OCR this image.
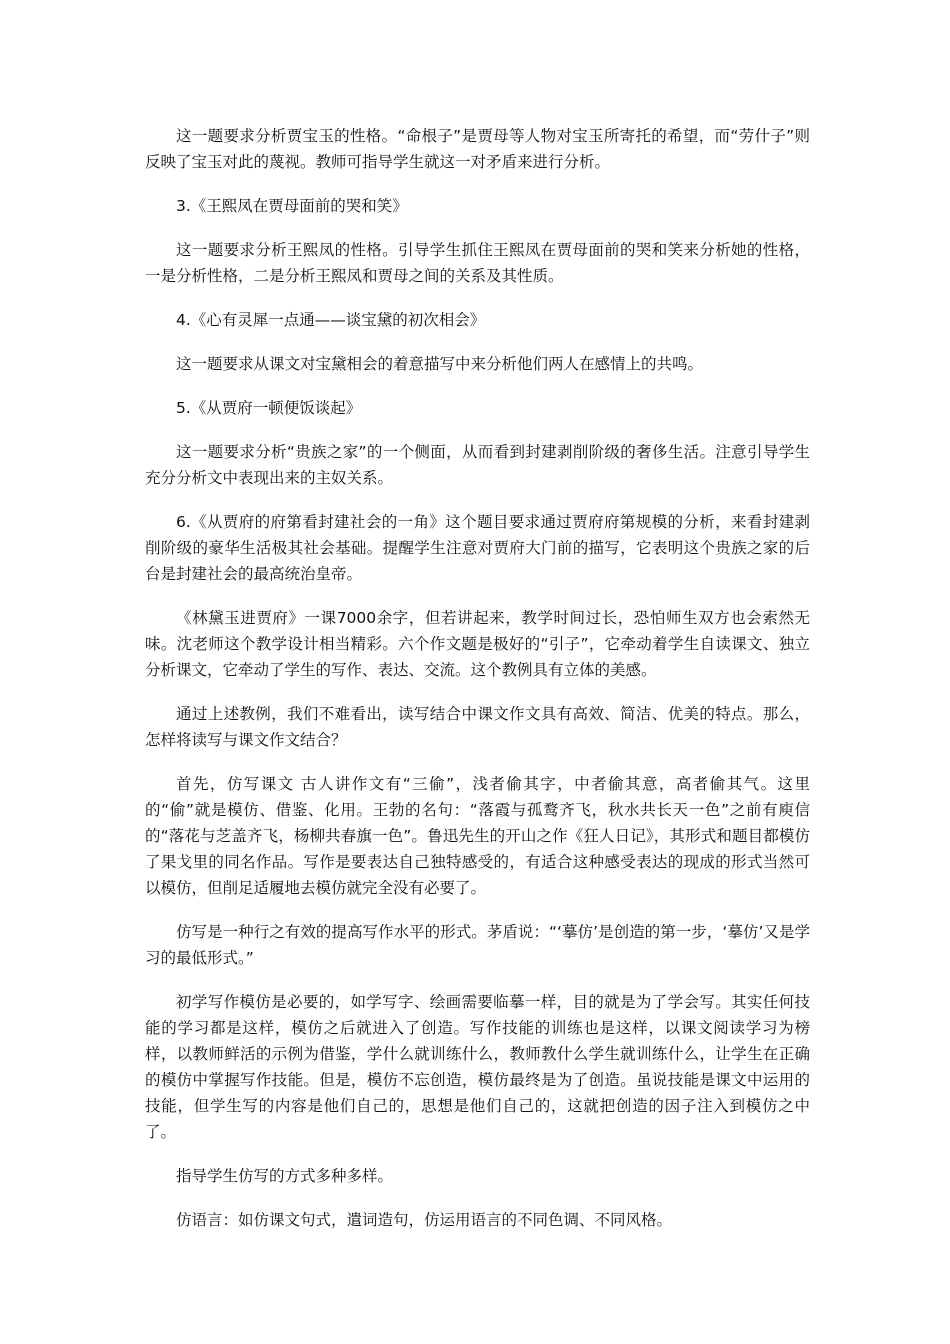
这一题要求分析贾宝玉的性格。“命根子”是贾母等人物对宝玉所寄托的希望，而“劳什子”则反映了宝玉对此的蔑视。教师可指导学生就这一对矛盾来进行分析。

3.《王熙凤在贾母面前的哭和笑》

这一题要求分析王熙凤的性格。引导学生抓住王熙凤在贾母面前的哭和笑来分析她的性格，一是分析性格，二是分析王熙凤和贾母之间的关系及其性质。

4.《心有灵犀一点通——谈宝黛的初次相会》

这一题要求从课文对宝黛相会的着意描写中来分析他们两人在感情上的共鸣。

5.《从贾府一顿便饭谈起》

这一题要求分析“贵族之家”的一个侧面，从而看到封建剥削阶级的奢侈生活。注意引导学生充分分析文中表现出来的主奴关系。

6.《从贾府的府第看封建社会的一角》这个题目要求通过贾府府第规模的分析，来看封建剥削阶级的豪华生活极其社会基础。提醒学生注意对贾府大门前的描写，它表明这个贵族之家的后台是封建社会的最高统治皇帝。

《林黛玉进贾府》一课7000余字，但若讲起来，教学时间过长，恐怕师生双方也会索然无味。沈老师这个教学设计相当精彩。六个作文题是极好的“引子”，它牵动着学生自读课文、独立分析课文，它牵动了学生的写作、表达、交流。这个教例具有立体的美感。

通过上述教例，我们不难看出，读写结合中课文作文具有高效、简洁、优美的特点。那么，怎样将读写与课文作文结合？

首先，仿写课文 古人讲作文有“三偷”，浅者偷其字，中者偷其意，高者偷其气。这里的“偷”就是模仿、借鉴、化用。王勃的名句：“落霞与孤鹜齐飞，秋水共长天一色”之前有庾信的“落花与芝盖齐飞，杨柳共春旗一色”。鲁迅先生的开山之作《狂人日记》，其形式和题目都模仿了果戈里的同名作品。写作是要表达自己独特感受的，有适合这种感受表达的现成的形式当然可以模仿，但削足适履地去模仿就完全没有必要了。

仿写是一种行之有效的提高写作水平的形式。茅盾说：“‘摹仿’是创造的第一步，‘摹仿’又是学习的最低形式。”

初学写作模仿是必要的，如学写字、绘画需要临摹一样，目的就是为了学会写。其实任何技能的学习都是这样，模仿之后就进入了创造。写作技能的训练也是这样，以课文阅读学习为榜样，以教师鲜活的示例为借鉴，学什么就训练什么，教师教什么学生就训练什么，让学生在正确的模仿中掌握写作技能。但是，模仿不忘创造，模仿最终是为了创造。虽说技能是课文中运用的技能，但学生写的内容是他们自己的，思想是他们自己的，这就把创造的因子注入到模仿之中了。

指导学生仿写的方式多种多样。

仿语言：如仿课文句式，遣词造句，仿运用语言的不同色调、不同风格。
